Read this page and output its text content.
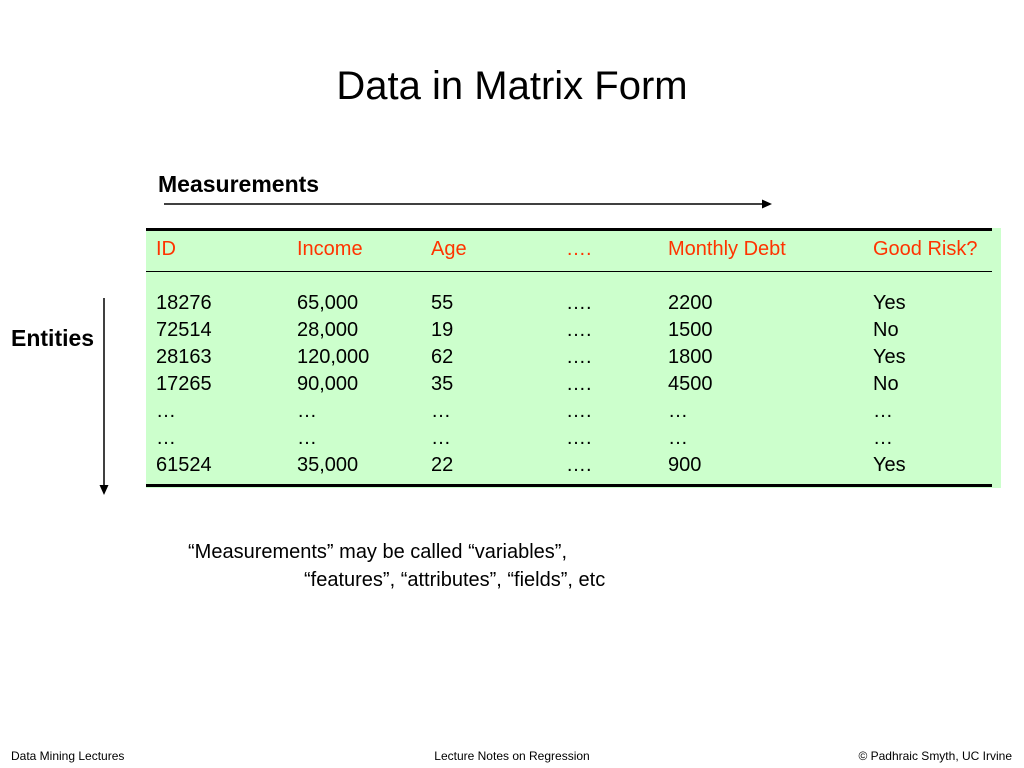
Data in Matrix Form
Measurements
Entities
ID	Income	Age	….	Monthly Debt	Good Risk?
18276	65,000	55	….	2200	Yes
72514	28,000	19	….	1500	No
28163	120,000	62	….	1800	Yes
17265	90,000	35	….	4500	No
…	…	…	….	…	…
…	…	…	….	…	…
61524	35,000	22	….	900	Yes
“Measurements” may be called “variables”,
“features”, “attributes”, “fields”, etc
Data Mining Lectures	Lecture Notes on Regression	© Padhraic Smyth, UC Irvine
